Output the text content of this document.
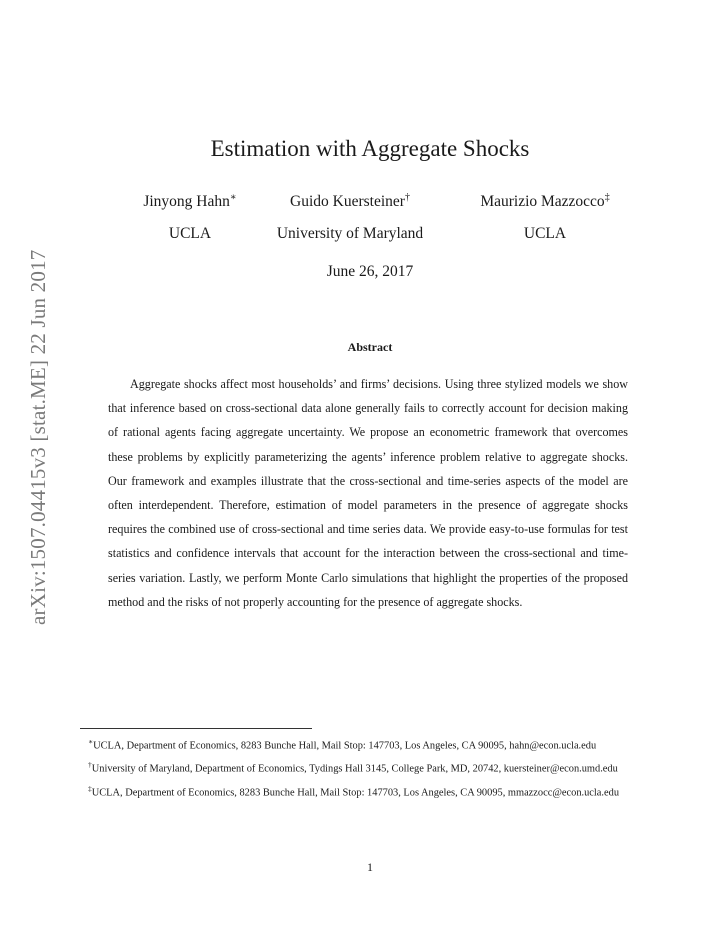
arXiv:1507.04415v3 [stat.ME] 22 Jun 2017
Estimation with Aggregate Shocks
Jinyong Hahn∗
UCLA
Guido Kuersteiner†
University of Maryland
Maurizio Mazzocco‡
UCLA
June 26, 2017
Abstract

Aggregate shocks affect most households’ and firms’ decisions. Using three stylized models we show that inference based on cross-sectional data alone generally fails to correctly account for decision making of rational agents facing aggregate uncertainty. We propose an econometric framework that overcomes these problems by explicitly parameterizing the agents’ inference problem relative to aggregate shocks. Our framework and examples illustrate that the cross-sectional and time-series aspects of the model are often interdependent. Therefore, estimation of model parameters in the presence of aggregate shocks requires the combined use of cross-sectional and time series data. We provide easy-to-use formulas for test statistics and confidence intervals that account for the interaction between the cross-sectional and time-series variation. Lastly, we perform Monte Carlo simulations that highlight the properties of the proposed method and the risks of not properly accounting for the presence of aggregate shocks.

∗UCLA, Department of Economics, 8283 Bunche Hall, Mail Stop: 147703, Los Angeles, CA 90095, hahn@econ.ucla.edu

†University of Maryland, Department of Economics, Tydings Hall 3145, College Park, MD, 20742, kuersteiner@econ.umd.edu

‡UCLA, Department of Economics, 8283 Bunche Hall, Mail Stop: 147703, Los Angeles, CA 90095, mmazzocc@econ.ucla.edu

1
